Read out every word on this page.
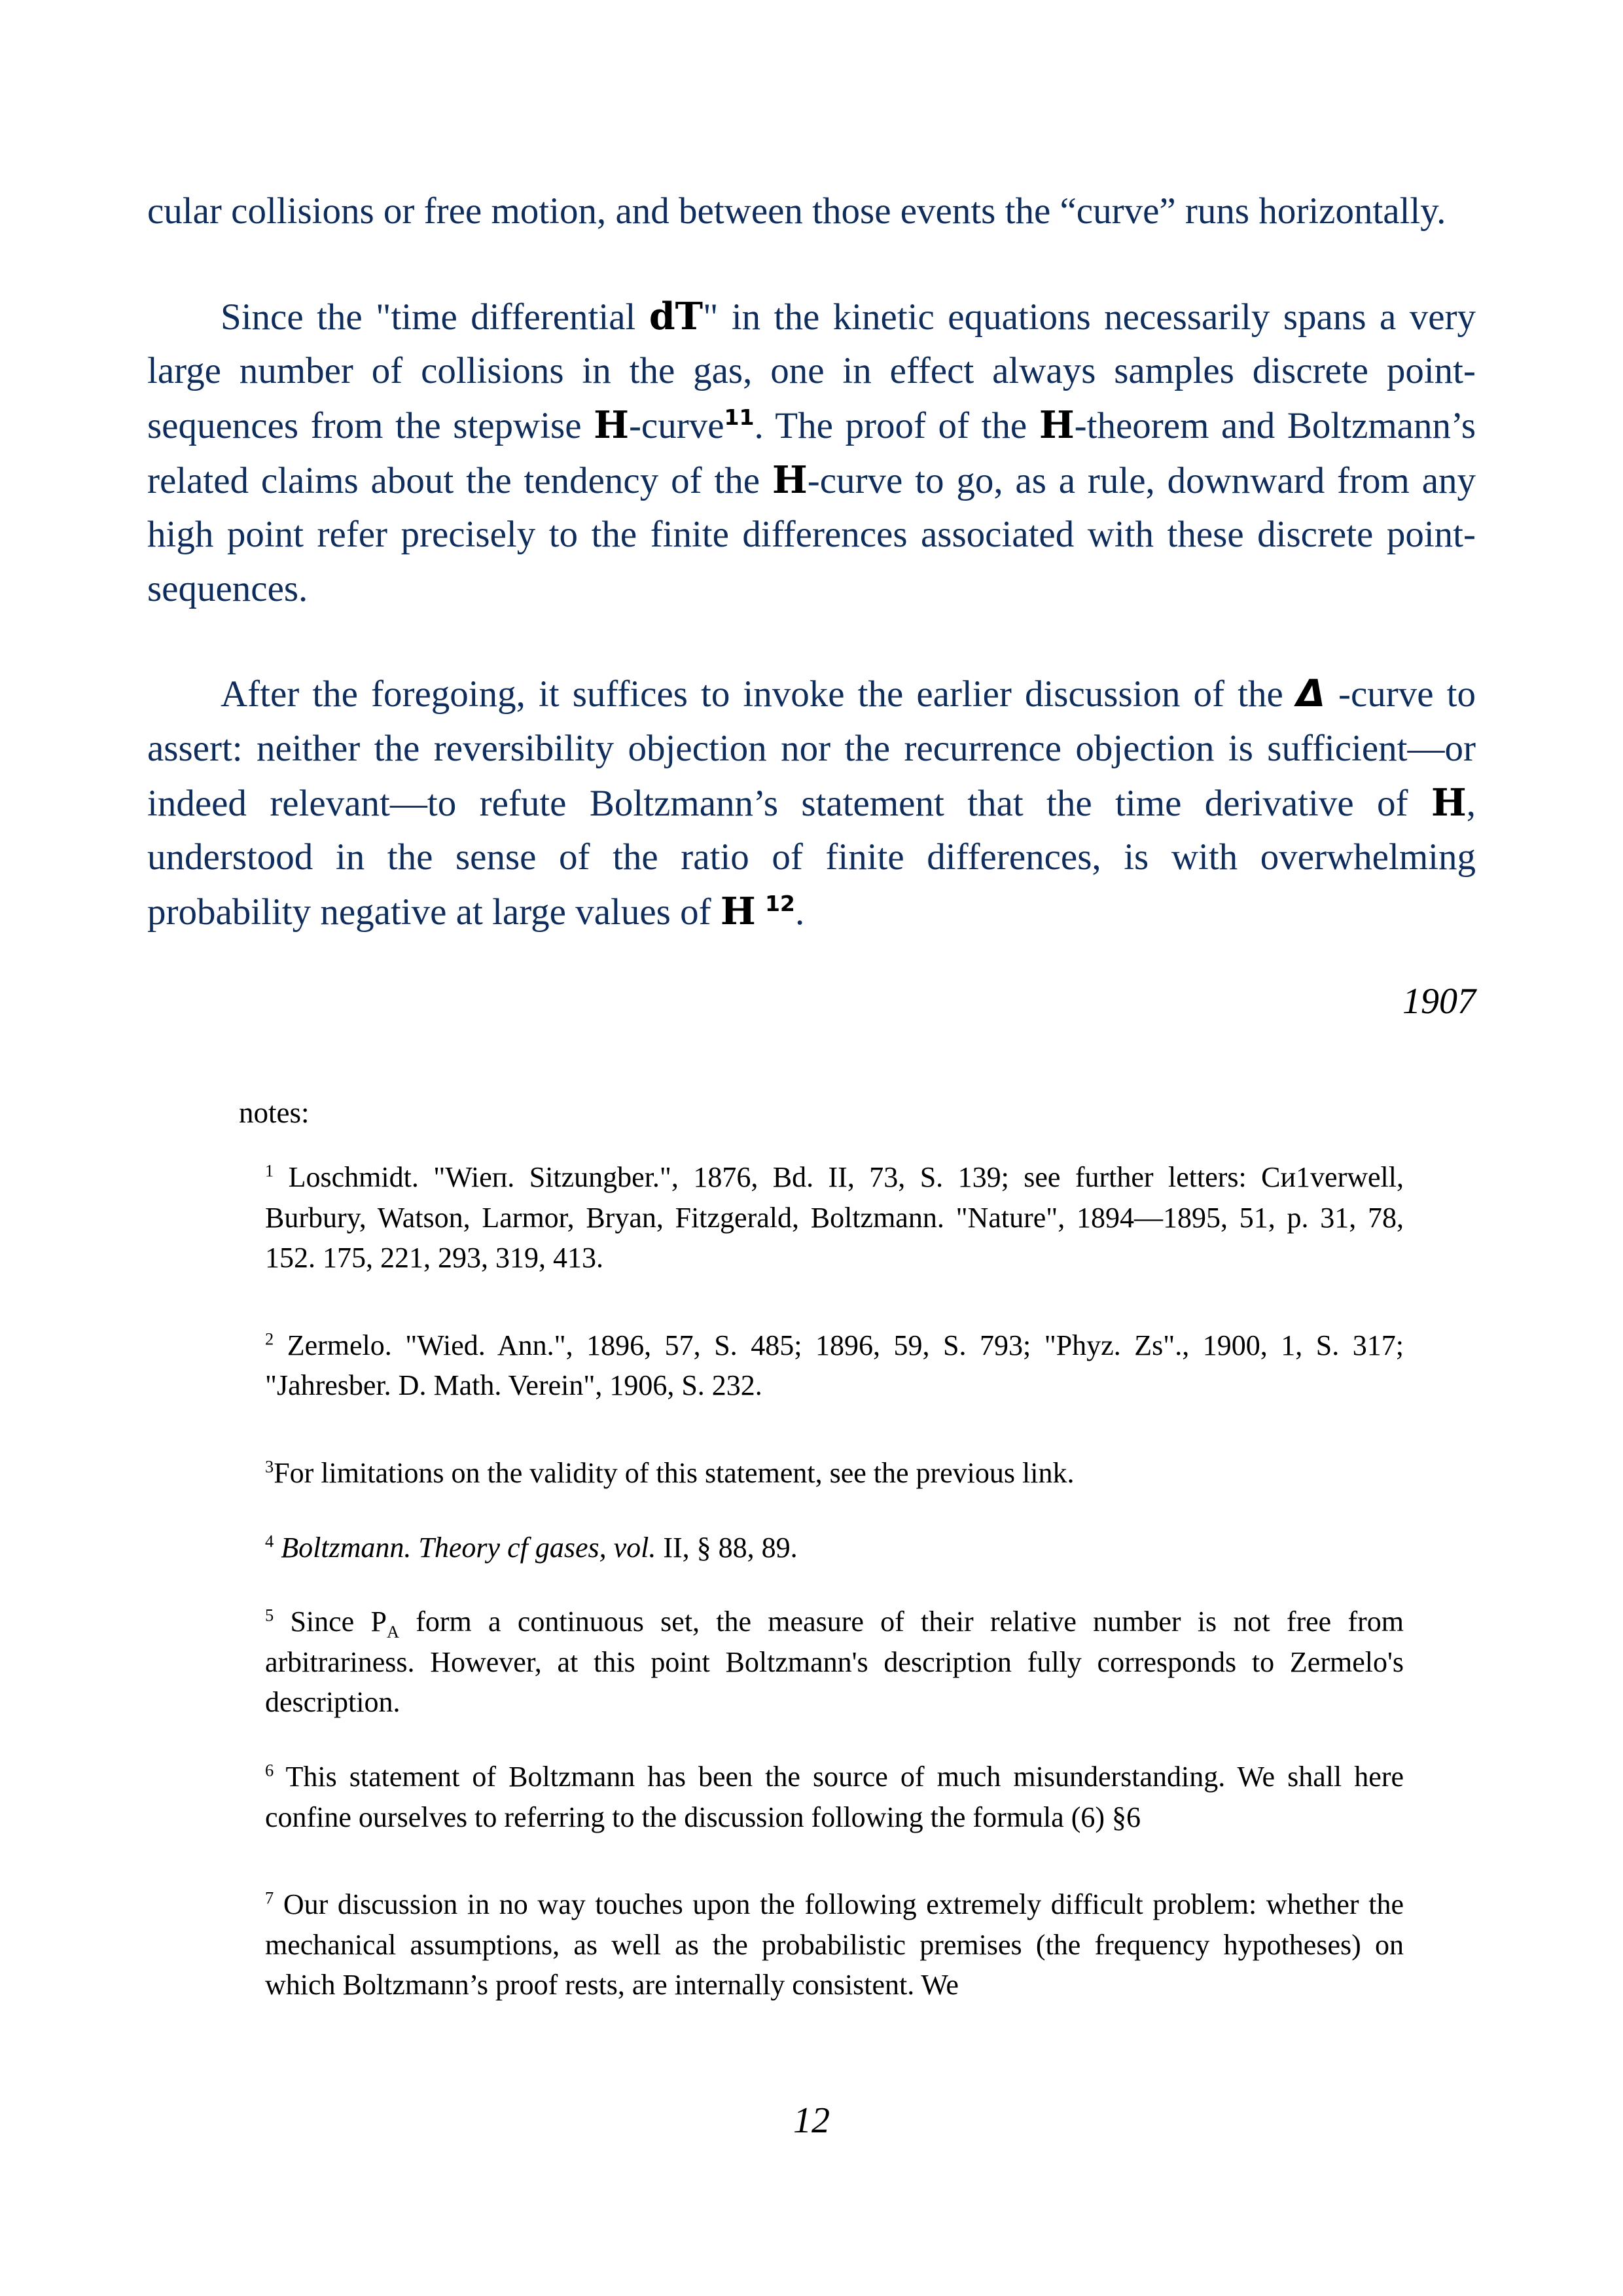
cular collisions or free motion, and between those events the “curve” runs horizontally.

Since the "time differential dT" in the kinetic equations necessarily spans a very large number of collisions in the gas, one in effect always samples discrete point-sequences from the stepwise H-curve$^{11}$. The proof of the H-theorem and Boltzmann’s related claims about the tendency of the H-curve to go, as a rule, downward from any high point refer precisely to the finite differences associated with these discrete point-sequences.

After the foregoing, it suffices to invoke the earlier discussion of the Δ -curve to assert: neither the reversibility objection nor the recurrence objection is sufficient—or indeed relevant—to refute Boltzmann’s statement that the time derivative of H, understood in the sense of the ratio of finite differences, is with overwhelming probability negative at large values of H $^{12}$.

1907
notes:

$^1$ Loschmidt. "Wieп. Sitzungber.", 1876, Bd. II, 73, S. 139; see further letters: Си1verwell, Burbury, Watson, Larmor, Bryan, Fitzgerald, Boltzmann. "Nature", 1894—1895, 51, p. 31, 78, 152. 175, 221, 293, 319, 413.

$^2$ Zermelo. "Wied. Ann.", 1896, 57, S. 485; 1896, 59, S. 793; "Phyz. Zs"., 1900, 1, S. 317; "Jahresber. D. Math. Verein", 1906, S. 232.

$^3$For limitations on the validity of this statement, see the previous link.

$^4$ Boltzmann. Theory cf gases, vol. II, § 88, 89.

$^5$ Since $P_A$ form a continuous set, the measure of their relative number is not free from arbitrariness. However, at this point Boltzmann's description fully corresponds to Zermelo's description.

$^6$ This statement of Boltzmann has been the source of much misunderstanding. We shall here confine ourselves to referring to the discussion following the formula (6) §6

$^7$ Our discussion in no way touches upon the following extremely difficult problem: whether the mechanical assumptions, as well as the probabilistic premises (the frequency hypotheses) on which Boltzmann’s proof rests, are internally consistent. We

12
